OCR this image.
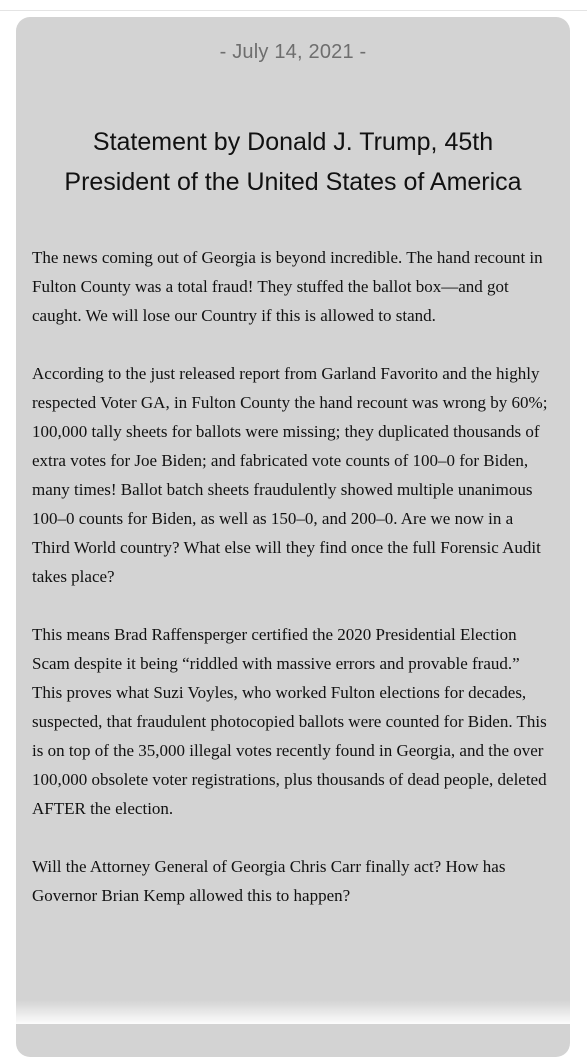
- July 14, 2021 -
Statement by Donald J. Trump, 45th President of the United States of America

The news coming out of Georgia is beyond incredible. The hand recount in Fulton County was a total fraud! They stuffed the ballot box—and got caught. We will lose our Country if this is allowed to stand.

According to the just released report from Garland Favorito and the highly respected Voter GA, in Fulton County the hand recount was wrong by 60%; 100,000 tally sheets for ballots were missing; they duplicated thousands of extra votes for Joe Biden; and fabricated vote counts of 100–0 for Biden, many times! Ballot batch sheets fraudulently showed multiple unanimous 100–0 counts for Biden, as well as 150–0, and 200–0. Are we now in a Third World country? What else will they find once the full Forensic Audit takes place?

This means Brad Raffensperger certified the 2020 Presidential Election Scam despite it being “riddled with massive errors and provable fraud.” This proves what Suzi Voyles, who worked Fulton elections for decades, suspected, that fraudulent photocopied ballots were counted for Biden. This is on top of the 35,000 illegal votes recently found in Georgia, and the over 100,000 obsolete voter registrations, plus thousands of dead people, deleted AFTER the election.

Will the Attorney General of Georgia Chris Carr finally act? How has Governor Brian Kemp allowed this to happen?
